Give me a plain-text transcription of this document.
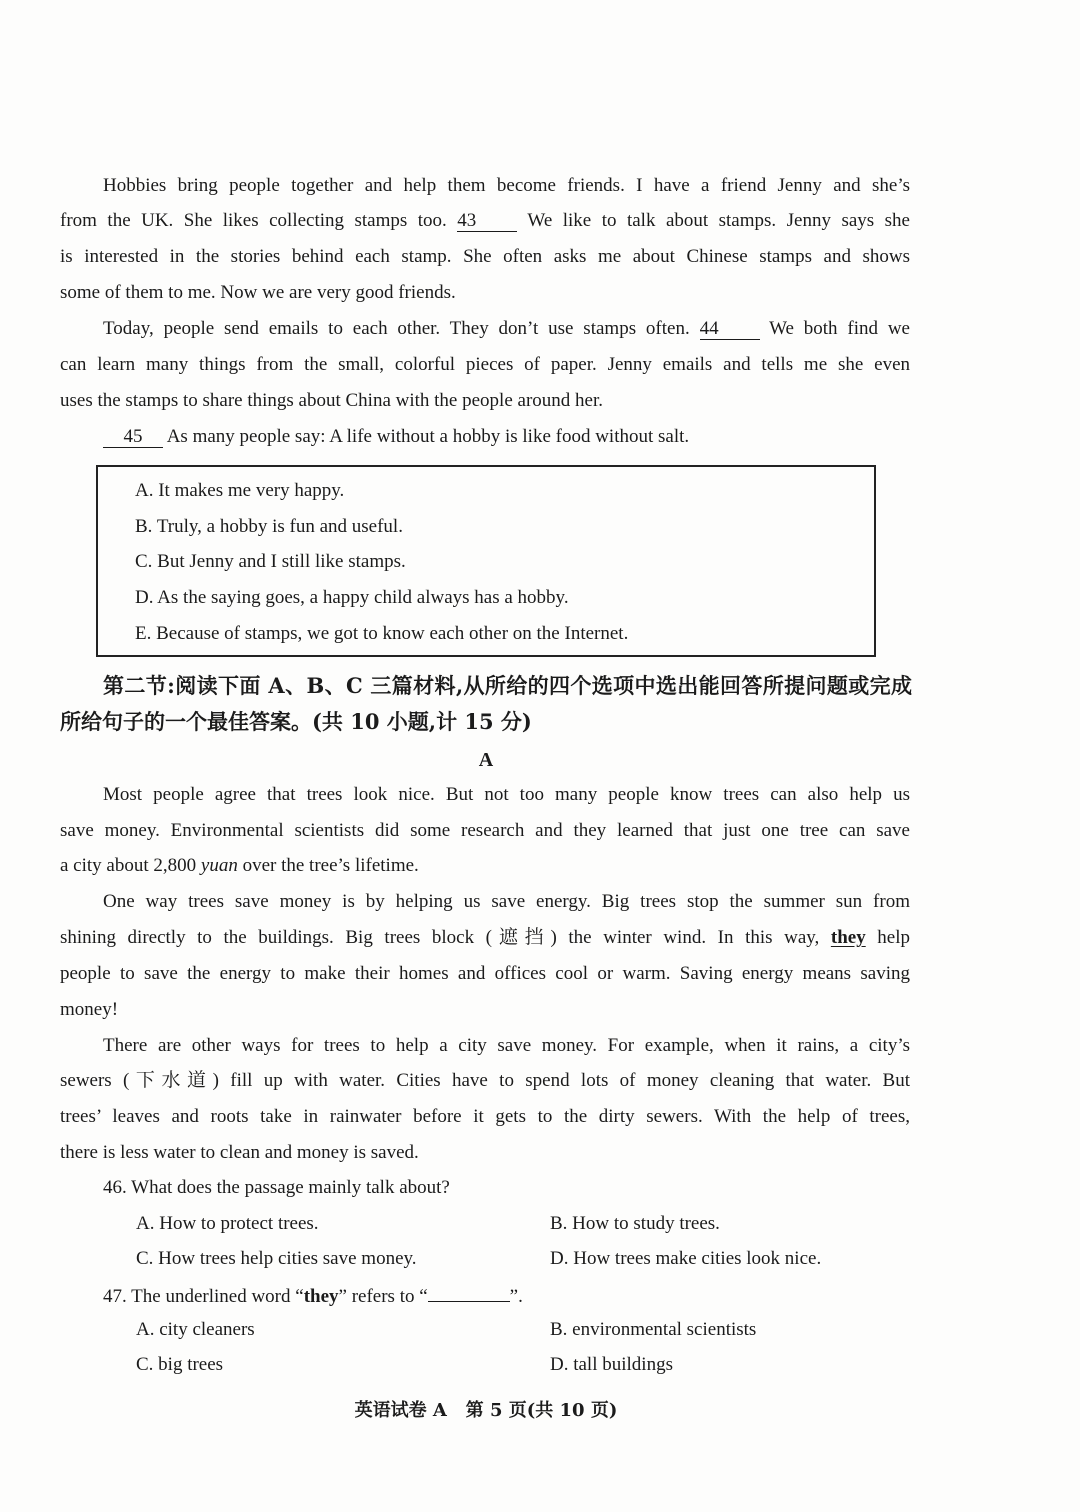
Hobbies bring people together and help them become friends. I have a friend Jenny and she’s
from the UK. She likes collecting stamps too. 43	We like to talk about stamps. Jenny says she
is interested in the stories behind each stamp. She often asks me about Chinese stamps and shows
some of them to me. Now we are very good friends.
Today, people send emails to each other. They don’t use stamps often. 44	We both find we
can learn many things from the small, colorful pieces of paper. Jenny emails and tells me she even
uses the stamps to share things about China with the people around her.
45 As many people say: A life without a hobby is like food without salt.
A. It makes me very happy.
B. Truly, a hobby is fun and useful.
C. But Jenny and I still like stamps.
D. As the saying goes, a happy child always has a hobby.
E. Because of stamps, we got to know each other on the Internet.
第二节:阅读下面 A、B、C 三篇材料,从所给的四个选项中选出能回答所提问题或完成
所给句子的一个最佳答案。(共 10 小题,计 15 分)
A
Most people agree that trees look nice. But not too many people know trees can also help us
save money. Environmental scientists did some research and they learned that just one tree can save
a city about 2,800 yuan over the tree’s lifetime.
One way trees save money is by helping us save energy. Big trees stop the summer sun from
shining directly to the buildings. Big trees block (遮挡) the winter wind. In this way, they help
people to save the energy to make their homes and offices cool or warm. Saving energy means saving
money!
There are other ways for trees to help a city save money. For example, when it rains, a city’s
sewers (下水道) fill up with water. Cities have to spend lots of money cleaning that water. But
trees’ leaves and roots take in rainwater before it gets to the dirty sewers. With the help of trees,
there is less water to clean and money is saved.
46. What does the passage mainly talk about?
A. How to protect trees.	B. How to study trees.
C. How trees help cities save money.	D. How trees make cities look nice.
47. The underlined word “they” refers to “	”.
A. city cleaners	B. environmental scientists
C. big trees	D. tall buildings
英语试卷 A 第 5 页(共 10 页)
